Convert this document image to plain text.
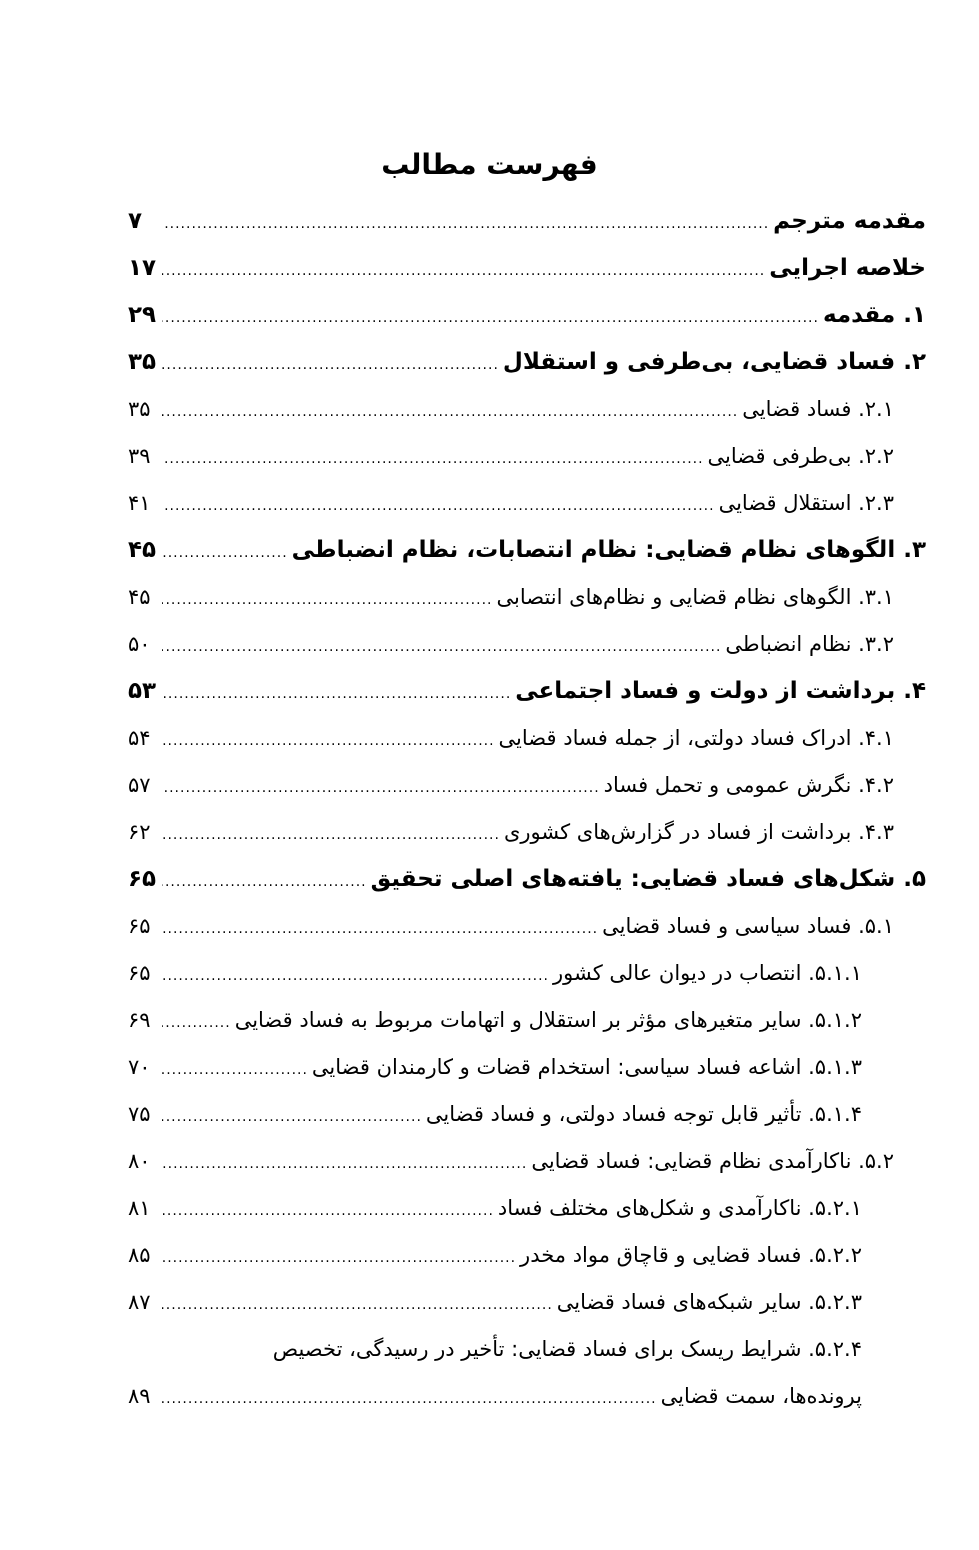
فهرست مطالب
مقدمه مترجم
.....
۷
خلاصه اجرایی
.....
۱۷
۱. مقدمه
.....
۲۹
۲. فساد قضایی، بی‌طرفی و استقلال
.....
۳۵
۲.۱. فساد قضایی
.....
۳۵
۲.۲. بی‌طرفی قضایی
.....
۳۹
۲.۳. استقلال قضایی
.....
۴۱
۳. الگوهای نظام قضایی: نظام انتصابات، نظام انضباطی
.....
۴۵
۳.۱. الگوهای نظام قضایی و نظام‌های انتصابی
.....
۴۵
۳.۲. نظام انضباطی
.....
۵۰
۴. برداشت از دولت و فساد اجتماعی
.....
۵۳
۴.۱. ادراک فساد دولتی، از جمله فساد قضایی
.....
۵۴
۴.۲. نگرش عمومی و تحمل فساد
.....
۵۷
۴.۳. برداشت از فساد در گزارش‌های کشوری
.....
۶۲
۵. شکل‌های فساد قضایی: یافته‌های اصلی تحقیق
.....
۶۵
۵.۱. فساد سیاسی و فساد قضایی
.....
۶۵
۵.۱.۱. انتصاب در دیوان عالی کشور
.....
۶۵
۵.۱.۲. سایر متغیرهای مؤثر بر استقلال و اتهامات مربوط به فساد قضایی
.....
۶۹
۵.۱.۳. اشاعه فساد سیاسی: استخدام قضات و کارمندان قضایی
.....
۷۰
۵.۱.۴. تأثیر قابل توجه فساد دولتی، و فساد قضایی
.....
۷۵
۵.۲. ناکارآمدی نظام قضایی: فساد قضایی
.....
۸۰
۵.۲.۱. ناکارآمدی و شکل‌های مختلف فساد
.....
۸۱
۵.۲.۲. فساد قضایی و قاچاق مواد مخدر
.....
۸۵
۵.۲.۳. سایر شبکه‌های فساد قضایی
.....
۸۷
۵.۲.۴. شرایط ریسک برای فساد قضایی: تأخیر در رسیدگی، تخصیص
پرونده‌ها، سمت قضایی
.....
۸۹
